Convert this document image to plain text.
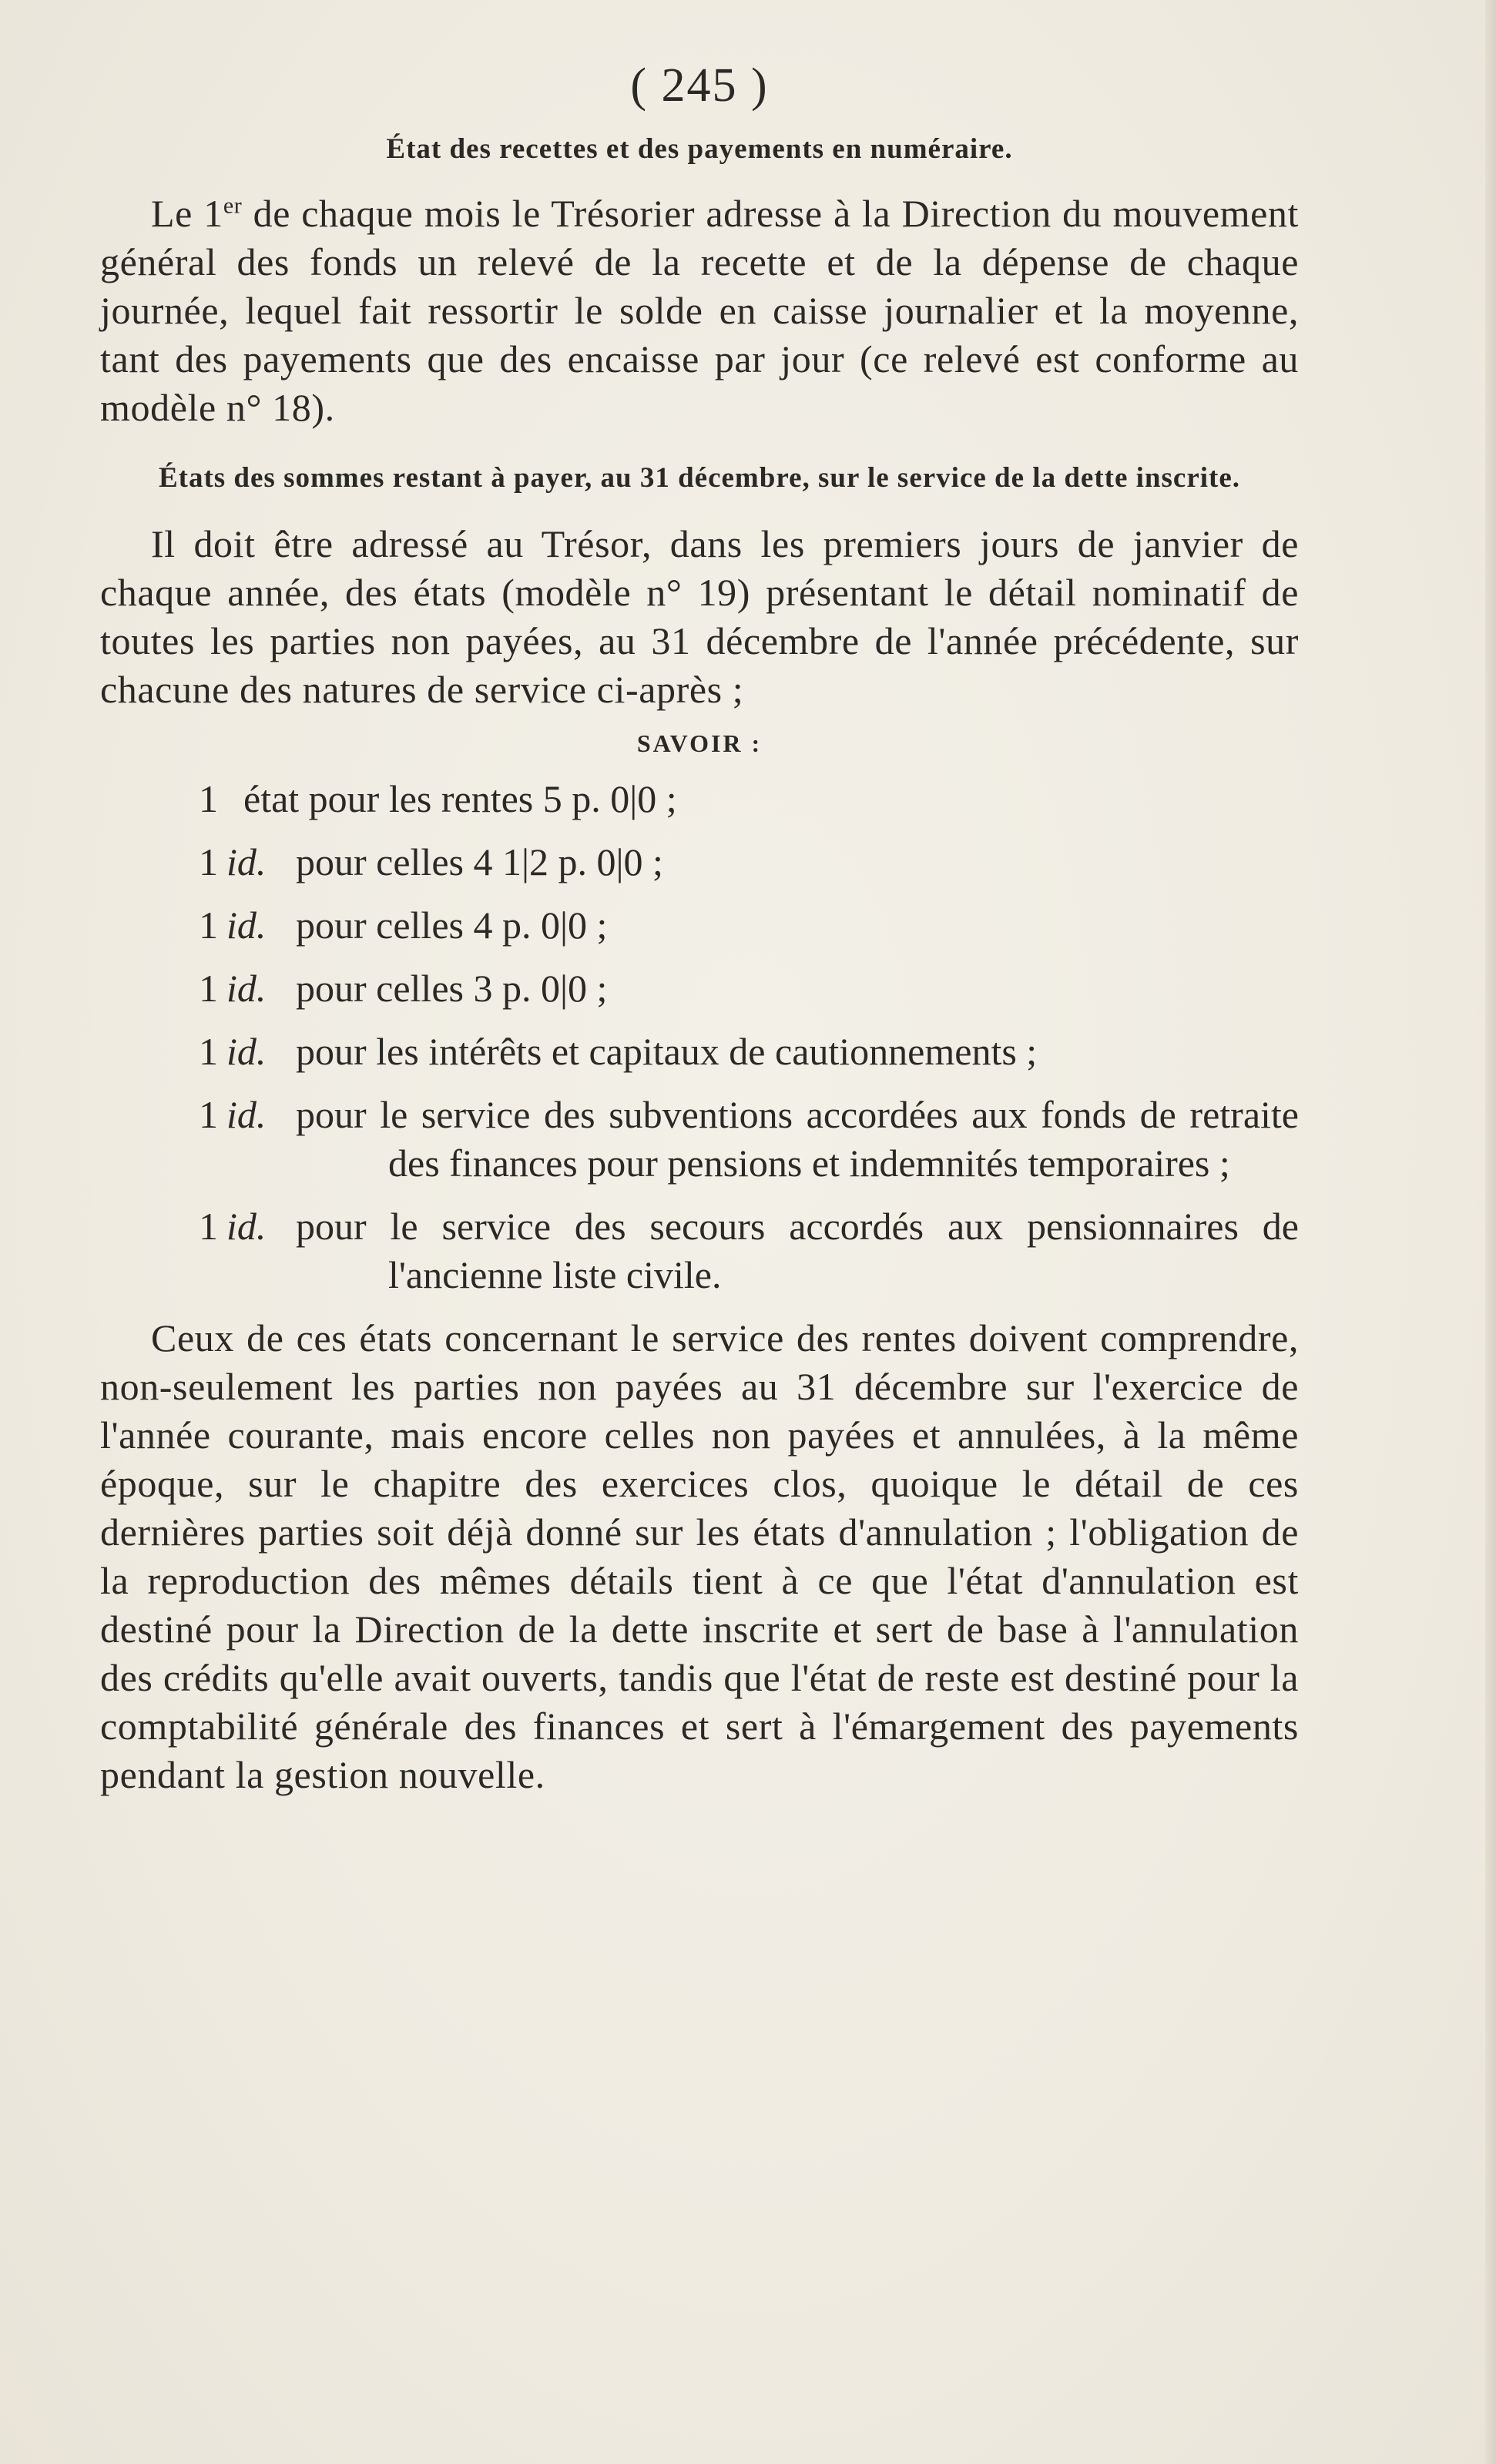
( 245 )
État des recettes et des payements en numéraire.

Le 1er de chaque mois le Trésorier adresse à la Direction du mouvement général des fonds un relevé de la recette et de la dépense de chaque journée, lequel fait ressortir le solde en caisse journalier et la moyenne, tant des payements que des encaisse par jour (ce relevé est conforme au modèle n° 18).

États des sommes restant à payer, au 31 décembre, sur le service de la dette inscrite.

Il doit être adressé au Trésor, dans les premiers jours de janvier de chaque année, des états (modèle n° 19) présentant le détail nominatif de toutes les parties non payées, au 31 décembre de l'année précédente, sur chacune des natures de service ci-après ;

SAVOIR :
1 état pour les rentes 5 p. 0|0 ;
1 id. pour celles 4 1|2 p. 0|0 ;
1 id. pour celles 4 p. 0|0 ;
1 id. pour celles 3 p. 0|0 ;
1 id. pour les intérêts et capitaux de cautionnements ;
1 id. pour le service des subventions accordées aux fonds de retraite des finances pour pensions et indemnités temporaires ;
1 id. pour le service des secours accordés aux pensionnaires de l'ancienne liste civile.

Ceux de ces états concernant le service des rentes doivent comprendre, non-seulement les parties non payées au 31 décembre sur l'exercice de l'année courante, mais encore celles non payées et annulées, à la même époque, sur le chapitre des exercices clos, quoique le détail de ces dernières parties soit déjà donné sur les états d'annulation ; l'obligation de la reproduction des mêmes détails tient à ce que l'état d'annulation est destiné pour la Direction de la dette inscrite et sert de base à l'annulation des crédits qu'elle avait ouverts, tandis que l'état de reste est destiné pour la comptabilité générale des finances et sert à l'émargement des payements pendant la gestion nouvelle.
